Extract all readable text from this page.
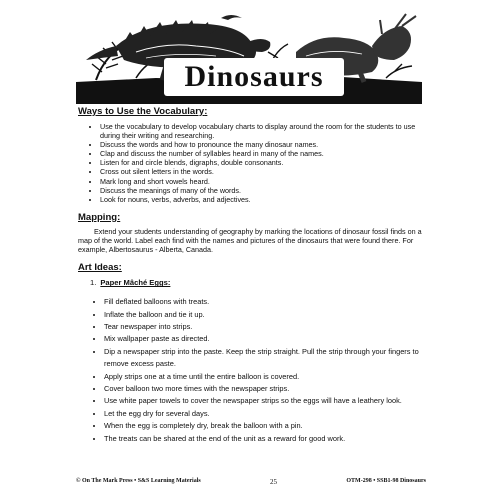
Dinosaurs
Ways to Use the Vocabulary:
• Use the vocabulary to develop vocabulary charts to display around the room for the students to use during their writing and researching.
• Discuss the words and how to pronounce the many dinosaur names.
• Clap and discuss the number of syllables heard in many of the names.
• Listen for and circle blends, digraphs, double consonants.
• Cross out silent letters in the words.
• Mark long and short vowels heard.
• Discuss the meanings of many of the words.
• Look for nouns, verbs, adverbs, and adjectives.
Mapping:

Extend your students understanding of geography by marking the locations of dinosaur fossil finds on a map of the world. Label each find with the names and pictures of the dinosaurs that were found there. For example, Albertosaurus - Alberta, Canada.

Art Ideas:
1. Paper Mâché Eggs:
• Fill deflated balloons with treats.
• Inflate the balloon and tie it up.
• Tear newspaper into strips.
• Mix wallpaper paste as directed.
• Dip a newspaper strip into the paste. Keep the strip straight. Pull the strip through your fingers to remove excess paste.
• Apply strips one at a time until the entire balloon is covered.
• Cover balloon two more times with the newspaper strips.
• Use white paper towels to cover the newspaper strips so the eggs will have a leathery look.
• Let the egg dry for several days.
• When the egg is completely dry, break the balloon with a pin.
• The treats can be shared at the end of the unit as a reward for good work.
© On The Mark Press • S&S Learning Materials	25	OTM-298 • SSB1-98 Dinosaurs
